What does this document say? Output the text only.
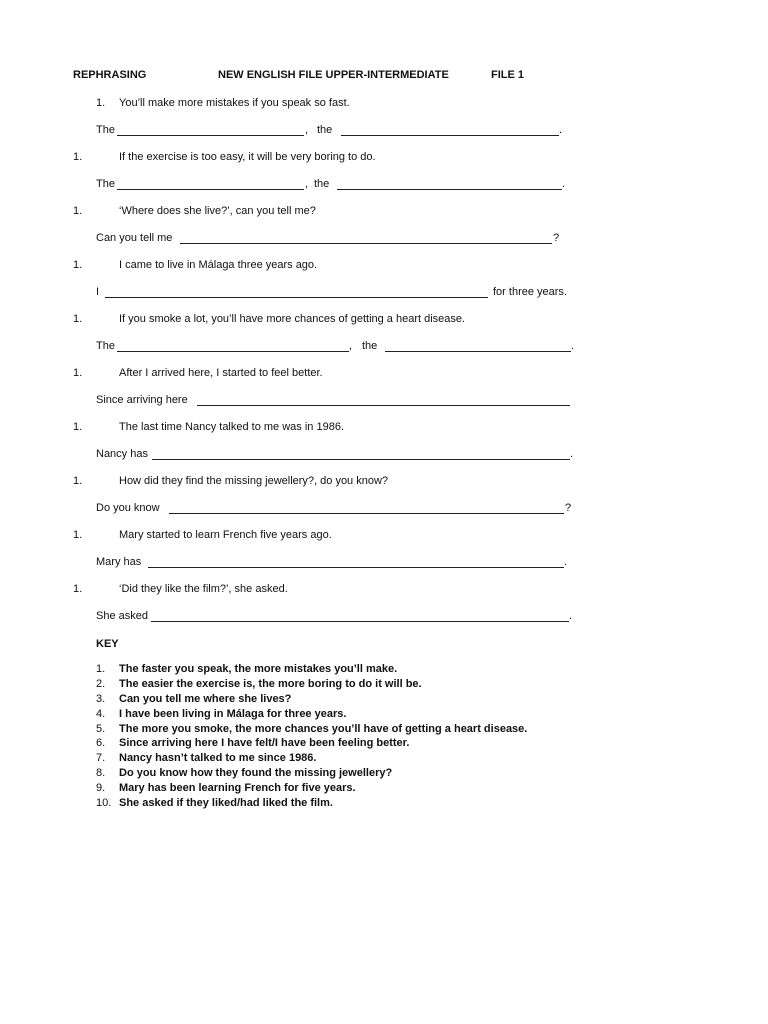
REPHRASING	NEW ENGLISH FILE UPPER-INTERMEDIATE	FILE 1
1.	You’ll make more mistakes if you speak so fast.
The	, the	.
1.	If the exercise is too easy, it will be very boring to do.
The	, the	.
1.	‘Where does she live?’, can you tell me?
Can you tell me	?
1.	I came to live in Málaga three years ago.
I	for three years.
1.	If you smoke a lot, you’ll have more chances of getting a heart disease.
The	, the	.
1.	After I arrived here, I started to feel better.
Since arriving here
1.	The last time Nancy talked to me was in 1986.
Nancy has	.
1.	How did they find the missing jewellery?, do you know?
Do you know	?
1.	Mary started to learn French five years ago.
Mary has	.
1.	‘Did they like the film?’, she asked.
She asked	.
KEY
1. The faster you speak, the more mistakes you’ll make.
2. The easier the exercise is, the more boring to do it will be.
3. Can you tell me where she lives?
4. I have been living in Málaga for three years.
5. The more you smoke, the more chances you’ll have of getting a heart disease.
6. Since arriving here I have felt/I have been feeling better.
7. Nancy hasn’t talked to me since 1986.
8. Do you know how they found the missing jewellery?
9. Mary has been learning French for five years.
10. She asked if they liked/had liked the film.
